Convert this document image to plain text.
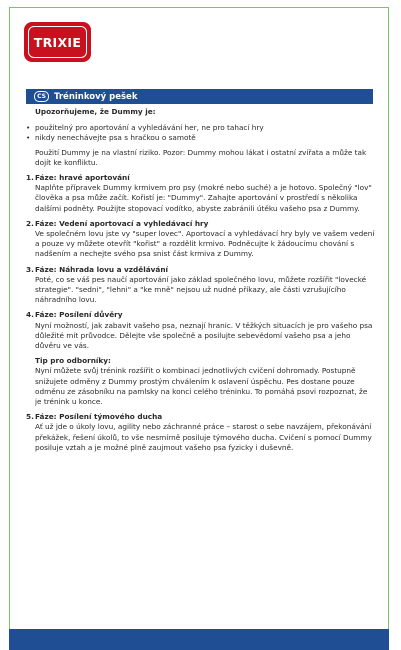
TRIXIE
CS Tréninkový pešek
Upozorňujeme, že Dummy je:
• použitelný pro aportování a vyhledávání her, ne pro tahací hry
• nikdy nenechávejte psa s hračkou o samotě
Použití Dummy je na vlastní riziko. Pozor: Dummy mohou lákat i ostatní zvířata a může tak dojít ke konfliktu.
1. Fáze: hravé aportování
Naplňte přípravek Dummy krmivem pro psy (mokré nebo suché) a je hotovo. Společný "lov" člověka a psa může začít. Kořistí je: "Dummy". Zahajte aportování v prostředí s několika dalšími podněty. Použijte stopovací vodítko, abyste zabránili útěku vašeho psa z Dummy.
2. Fáze: Vedení aportovací a vyhledávací hry
Ve společném lovu jste vy "super lovec". Aportovací a vyhledávací hry byly ve vašem vedení a pouze vy můžete otevřít "kořist" a rozdělit krmivo. Podněcujte k žádoucímu chování s nadšením a nechejte svého psa snist část krmiva z Dummy.
3. Fáze: Náhrada lovu a vzdělávání
Poté, co se váš pes naučí aportování jako základ společného lovu, můžete rozšířit "lovecké strategie". "sedni", "lehni" a "ke mně" nejsou už nudné příkazy, ale části vzrušujícího náhradního lovu.
4. Fáze: Posílení důvěry
Nyní možností, jak zabavit vašeho psa, neznají hranic. V těžkých situacích je pro vašeho psa důležité mít průvodce. Dělejte vše společně a posilujte sebevědomí vašeho psa a jeho důvěru ve vás.
Tip pro odborníky:
Nyní můžete svůj trénink rozšířit o kombinaci jednotlivých cvičení dohromady. Postupně snižujete odměny z Dummy prostým chválením k oslavení úspěchu. Pes dostane pouze odměnu ze zásobníku na pamlsky na konci celého tréninku. To pomáhá psovi rozpoznat, že je trénink u konce.
5. Fáze: Posílení týmového ducha
Ať už jde o úkoly lovu, agility nebo záchranné práce – starost o sebe navzájem, překonávání překážek, řešení úkolů, to vše nesmírně posiluje týmového ducha. Cvičení s pomocí Dummy posiluje vztah a je možné plně zaujmout vašeho psa fyzicky i duševně.
